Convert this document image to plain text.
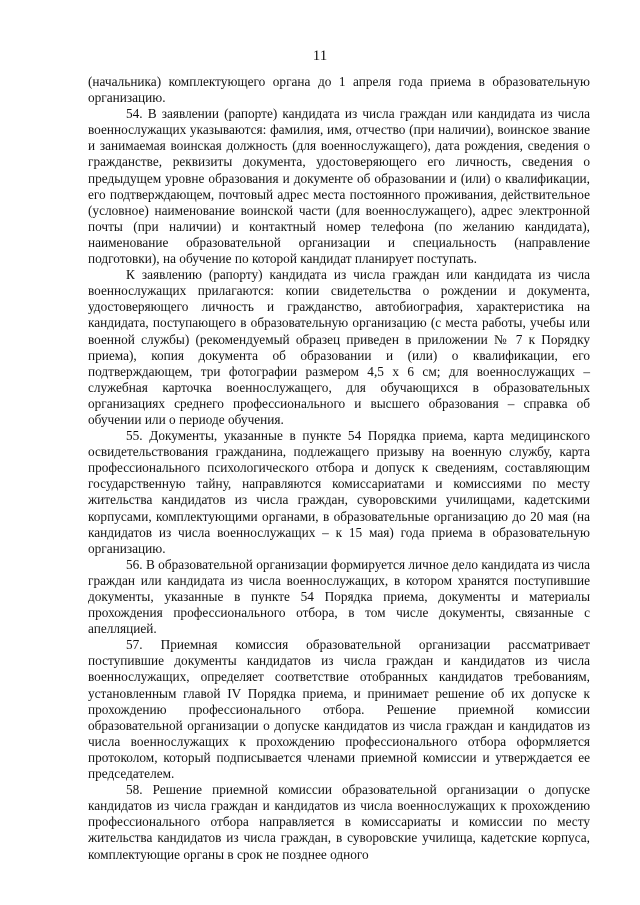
11

(начальника) комплектующего органа до 1 апреля года приема в образовательную организацию.

54. В заявлении (рапорте) кандидата из числа граждан или кандидата из числа военнослужащих указываются: фамилия, имя, отчество (при наличии), воинское звание и занимаемая воинская должность (для военнослужащего), дата рождения, сведения о гражданстве, реквизиты документа, удостоверяющего его личность, сведения о предыдущем уровне образования и документе об образовании и (или) о квалификации, его подтверждающем, почтовый адрес места постоянного проживания, действительное (условное) наименование воинской части (для военнослужащего), адрес электронной почты (при наличии) и контактный номер телефона (по желанию кандидата), наименование образовательной организации и специальность (направление подготовки), на обучение по которой кандидат планирует поступать.

К заявлению (рапорту) кандидата из числа граждан или кандидата из числа военнослужащих прилагаются: копии свидетельства о рождении и документа, удостоверяющего личность и гражданство, автобиография, характеристика на кандидата, поступающего в образовательную организацию (с места работы, учебы или военной службы) (рекомендуемый образец приведен в приложении № 7 к Порядку приема), копия документа об образовании и (или) о квалификации, его подтверждающем, три фотографии размером 4,5 х 6 см; для военнослужащих – служебная карточка военнослужащего, для обучающихся в образовательных организациях среднего профессионального и высшего образования – справка об обучении или о периоде обучения.

55. Документы, указанные в пункте 54 Порядка приема, карта медицинского освидетельствования гражданина, подлежащего призыву на военную службу, карта профессионального психологического отбора и допуск к сведениям, составляющим государственную тайну, направляются комиссариатами и комиссиями по месту жительства кандидатов из числа граждан, суворовскими училищами, кадетскими корпусами, комплектующими органами, в образовательные организацию до 20 мая (на кандидатов из числа военнослужащих – к 15 мая) года приема в образовательную организацию.

56. В образовательной организации формируется личное дело кандидата из числа граждан или кандидата из числа военнослужащих, в котором хранятся поступившие документы, указанные в пункте 54 Порядка приема, документы и материалы прохождения профессионального отбора, в том числе документы, связанные с апелляцией.

57. Приемная комиссия образовательной организации рассматривает поступившие документы кандидатов из числа граждан и кандидатов из числа военнослужащих, определяет соответствие отобранных кандидатов требованиям, установленным главой IV Порядка приема, и принимает решение об их допуске к прохождению профессионального отбора. Решение приемной комиссии образовательной организации о допуске кандидатов из числа граждан и кандидатов из числа военнослужащих к прохождению профессионального отбора оформляется протоколом, который подписывается членами приемной комиссии и утверждается ее председателем.

58. Решение приемной комиссии образовательной организации о допуске кандидатов из числа граждан и кандидатов из числа военнослужащих к прохождению профессионального отбора направляется в комиссариаты и комиссии по месту жительства кандидатов из числа граждан, в суворовские училища, кадетские корпуса, комплектующие органы в срок не позднее одного
